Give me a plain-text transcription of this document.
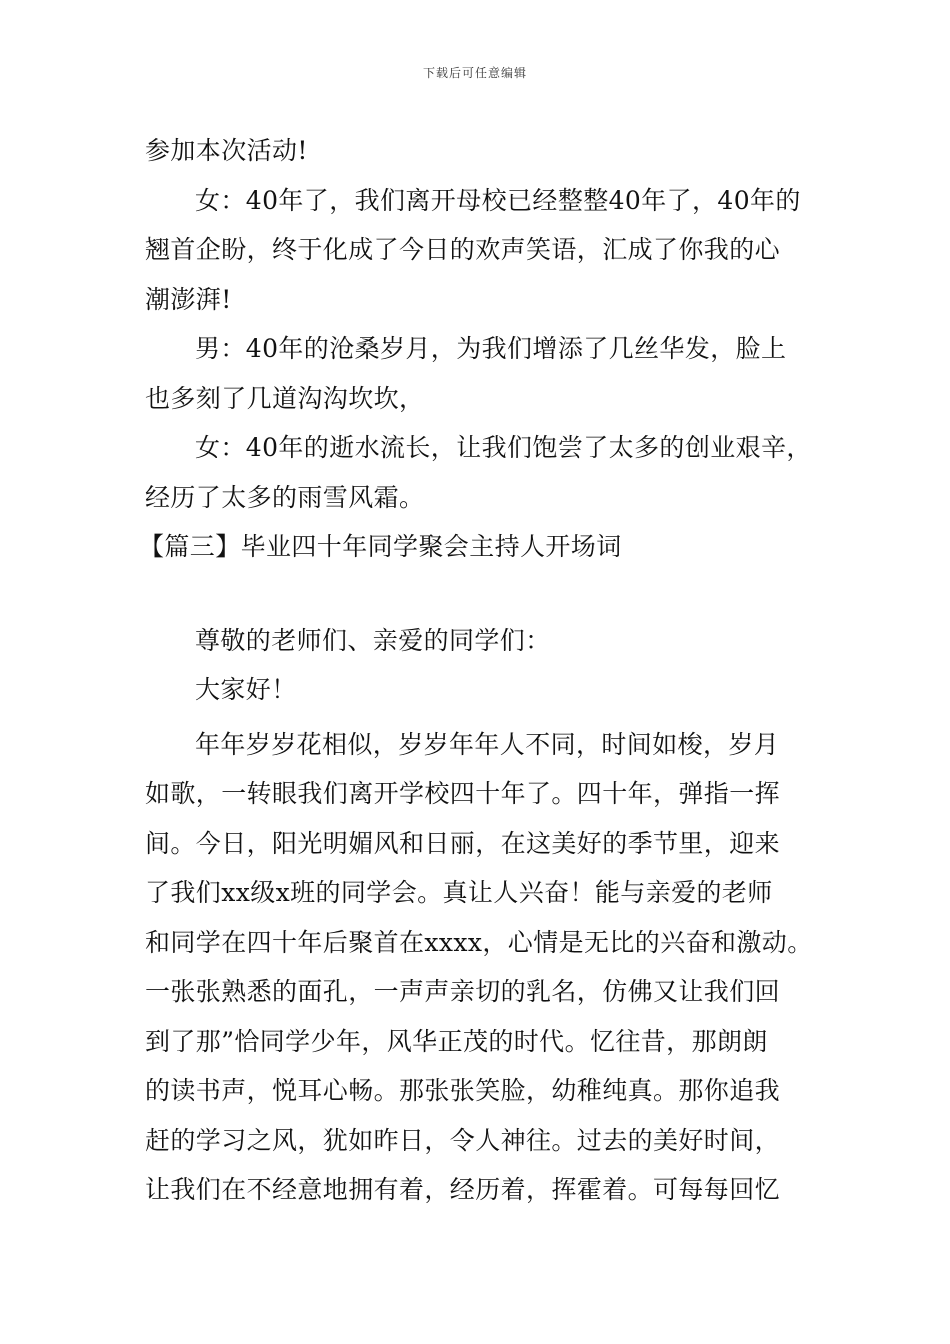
下载后可任意编辑
参加本次活动!
女：40年了，我们离开母校已经整整40年了，40年的
翘首企盼，终于化成了今日的欢声笑语，汇成了你我的心
潮澎湃!
男：40年的沧桑岁月，为我们增添了几丝华发，脸上
也多刻了几道沟沟坎坎，
女：40年的逝水流长，让我们饱尝了太多的创业艰辛，
经历了太多的雨雪风霜。
【篇三】毕业四十年同学聚会主持人开场词
尊敬的老师们、亲爱的同学们：
大家好！
年年岁岁花相似，岁岁年年人不同，时间如梭，岁月
如歌，一转眼我们离开学校四十年了。四十年，弹指一挥
间。今日，阳光明媚风和日丽，在这美好的季节里，迎来
了我们xx级x班的同学会。真让人兴奋！能与亲爱的老师
和同学在四十年后聚首在xxxx，心情是无比的兴奋和激动。
一张张熟悉的面孔，一声声亲切的乳名，仿佛又让我们回
到了那”恰同学少年，风华正茂的时代。忆往昔，那朗朗
的读书声，悦耳心畅。那张张笑脸，幼稚纯真。那你追我
赶的学习之风，犹如昨日，令人神往。过去的美好时间，
让我们在不经意地拥有着，经历着，挥霍着。可每每回忆
